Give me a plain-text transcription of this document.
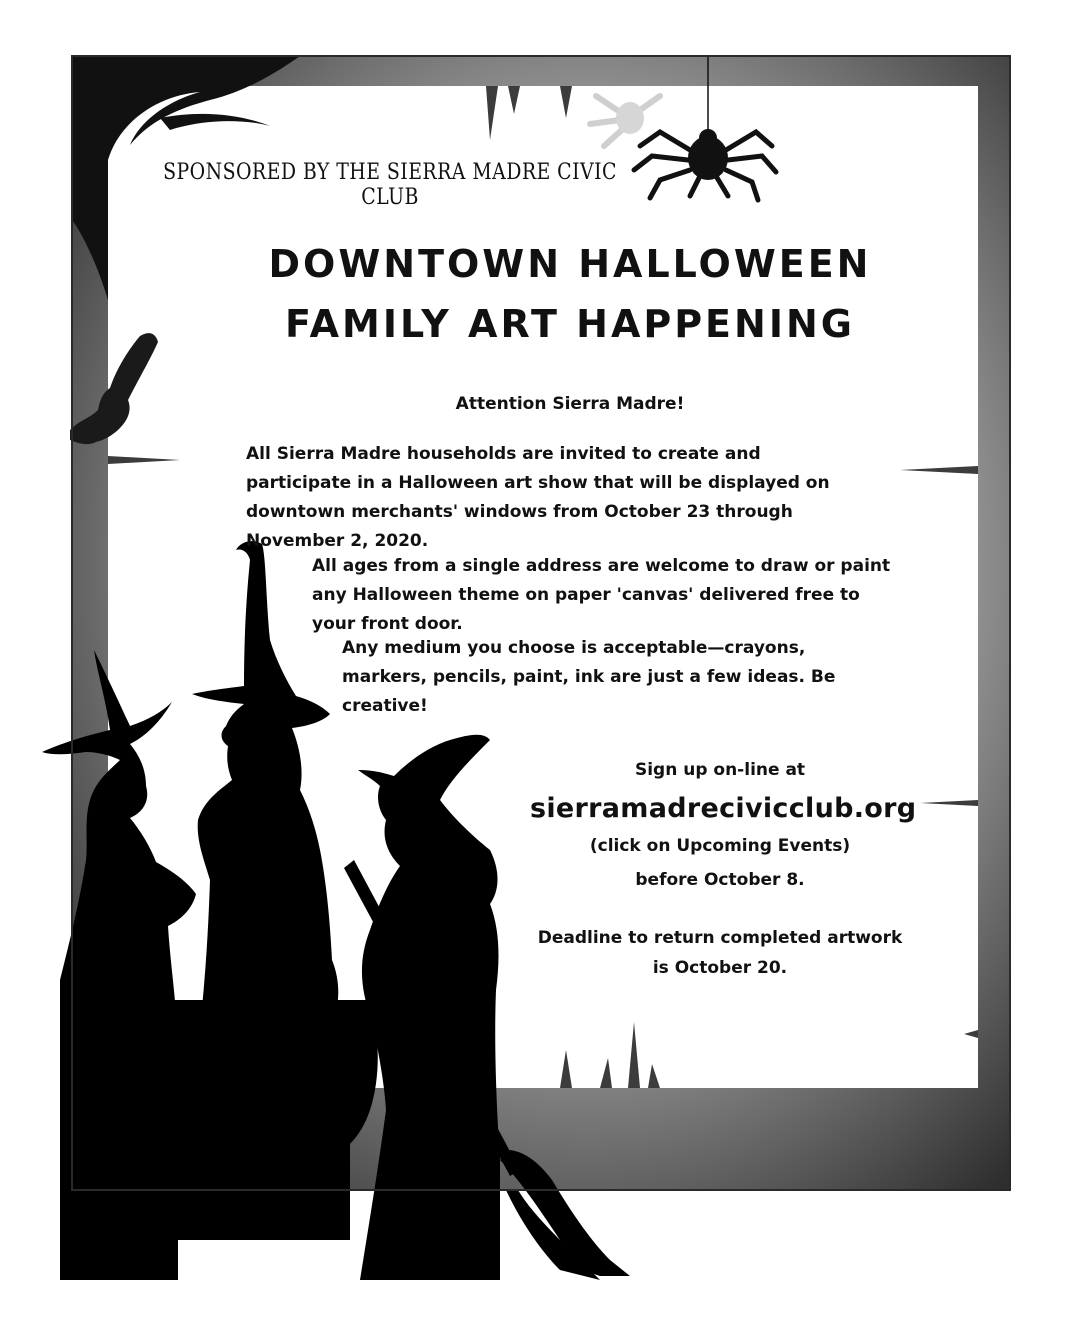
SPONSORED BY THE SIERRA MADRE CIVIC CLUB
DOWNTOWN HALLOWEEN
FAMILY ART HAPPENING
Attention Sierra Madre!
All Sierra Madre households are invited to create and participate in a Halloween art show that will be displayed on downtown merchants' windows from October 23 through November 2, 2020.
All ages from a single address are welcome to draw or paint any Halloween theme on paper 'canvas' delivered free to your front door.
Any medium you choose is acceptable—crayons, markers, pencils, paint, ink are just a few ideas. Be creative!
Sign up on-line at
sierramadrecivicclub.org
(click on Upcoming Events)
before October 8.
Deadline to return completed artwork
is October 20.
